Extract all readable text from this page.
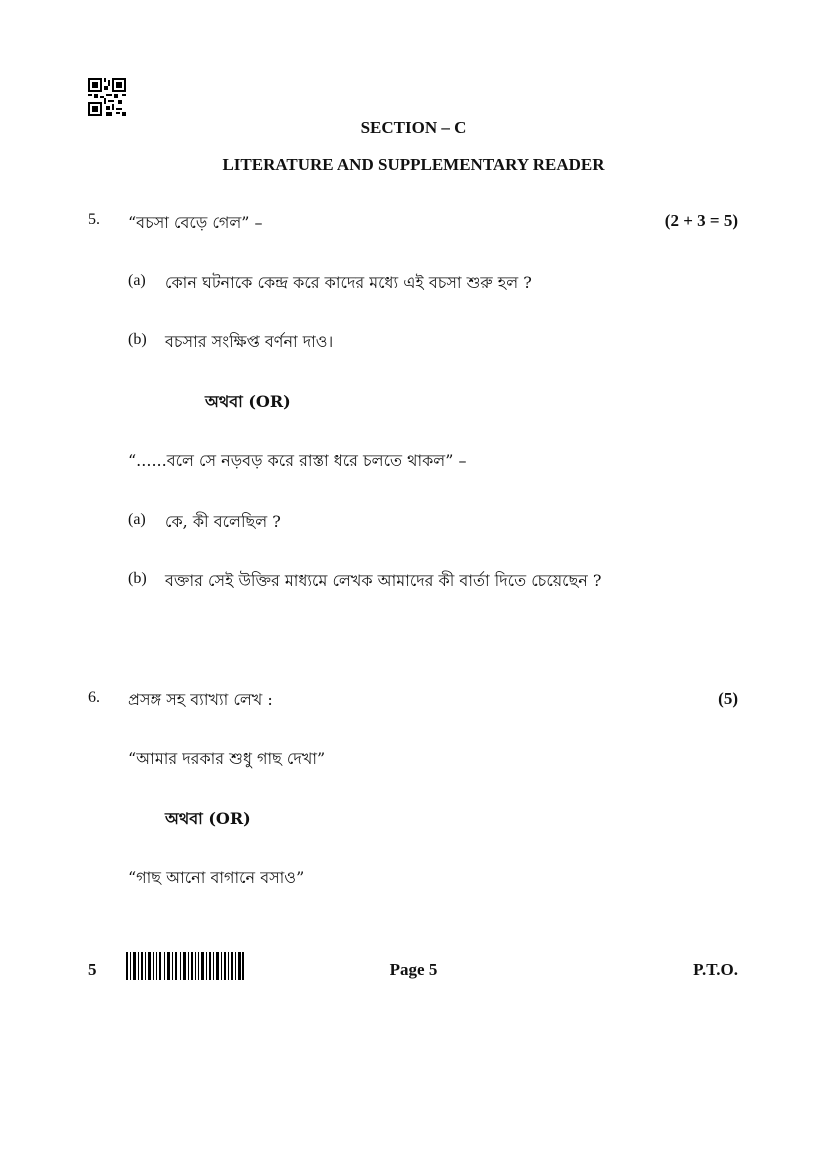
SECTION – C
LITERATURE AND SUPPLEMENTARY READER
5. “বচসা বেড়ে গেল” –	(2 + 3 = 5)
(a) কোন ঘটনাকে কেন্দ্র করে কাদের মধ্যে এই বচসা শুরু হল ?
(b) বচসার সংক্ষিপ্ত বর্ণনা দাও।
অথবা (OR)
“......বলে সে নড়বড় করে রাস্তা ধরে চলতে থাকল” –
(a) কে, কী বলেছিল ?
(b) বক্তার সেই উক্তির মাধ্যমে লেখক আমাদের কী বার্তা দিতে চেয়েছেন ?
6. প্রসঙ্গ সহ ব্যাখ্যা লেখ :	(5)
“আমার দরকার শুধু গাছ দেখা”
অথবা (OR)
“গাছ আনো বাগানে বসাও”
5	Page 5	P.T.O.
